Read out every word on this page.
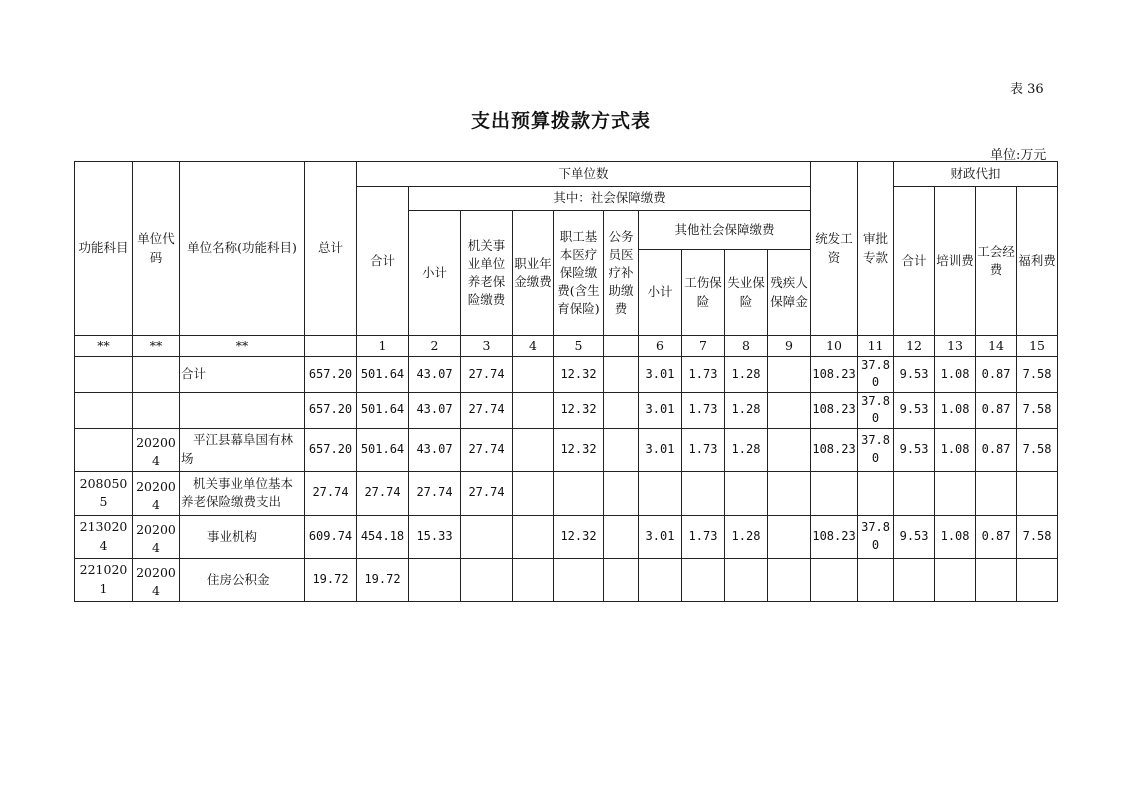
表 36
支出预算拨款方式表
单位:万元
功能科目	单位代码	单位名称(功能科目)	总计	下单位数										统发工资	审批专款	财政代扣			
				合计	其中：社会保障缴费											合计	培训费	工会经费	福利费
					小计	机关事业单位养老保险缴费	职业年金缴费	职工基本医疗保险缴费(含生育保险)	公务员医疗补助缴费	其他社会保障缴费									
										小计	工伤保险	失业保险	残疾人保障金						
**	**	**		1	2	3	4	5		6	7	8	9	10	11	12	13	14	15
		合计	657.20	501.64	43.07	27.74		12.32		3.01	1.73	1.28		108.23	37.80	9.53	1.08	0.87	7.58
			657.20	501.64	43.07	27.74		12.32		3.01	1.73	1.28		108.23	37.80	9.53	1.08	0.87	7.58
	202004	平江县幕阜国有林场	657.20	501.64	43.07	27.74		12.32		3.01	1.73	1.28		108.23	37.80	9.53	1.08	0.87	7.58
2080505	202004	机关事业单位基本养老保险缴费支出	27.74	27.74	27.74	27.74													
2130204	202004	事业机构	609.74	454.18	15.33			12.32		3.01	1.73	1.28		108.23	37.80	9.53	1.08	0.87	7.58
2210201	202004	住房公积金	19.72	19.72															
